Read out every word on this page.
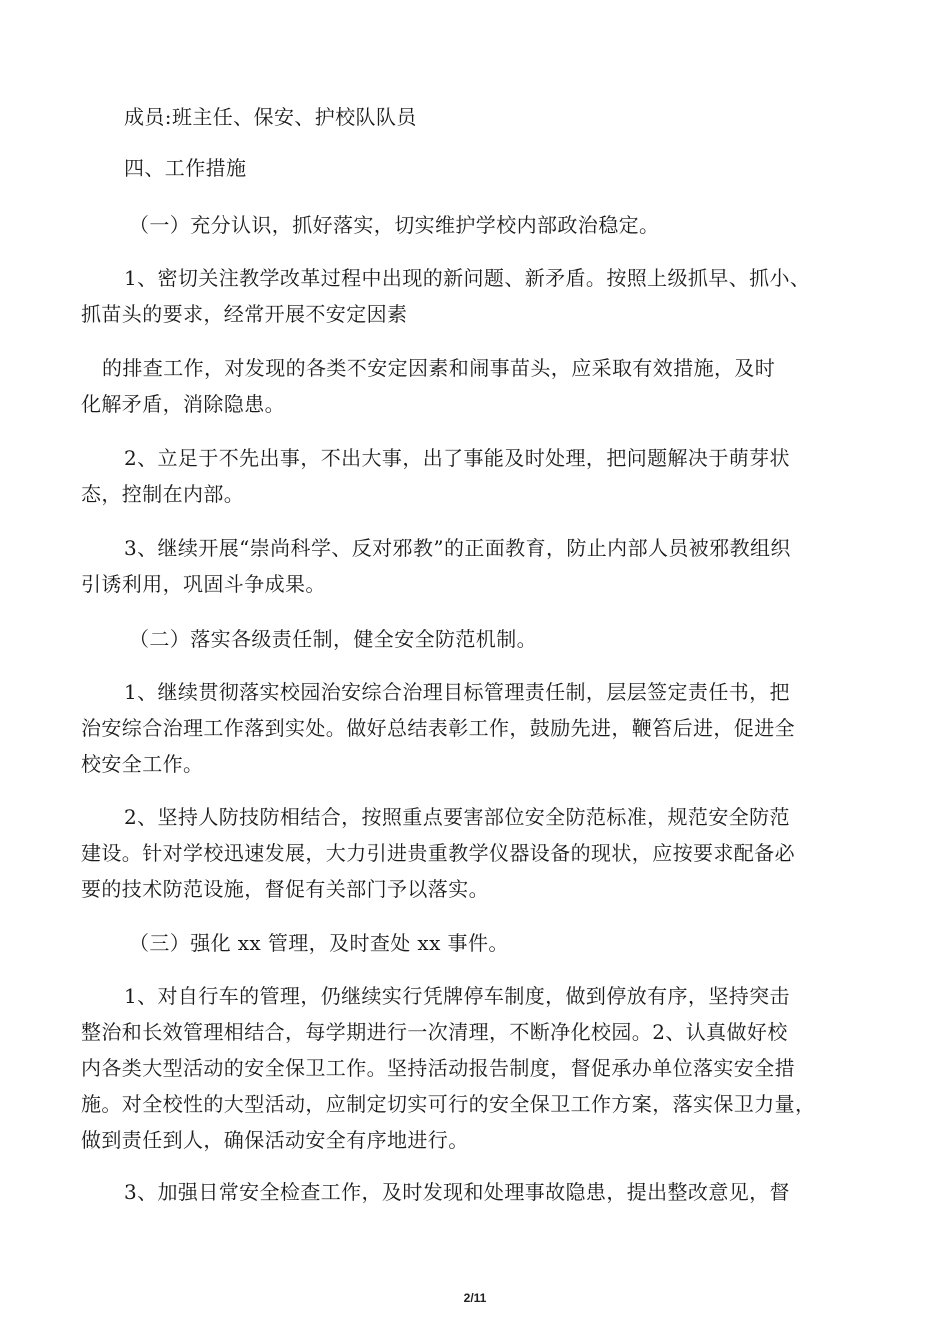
成员:班主任、保安、护校队队员
四、工作措施
（一）充分认识，抓好落实，切实维护学校内部政治稳定。
1、密切关注教学改革过程中出现的新问题、新矛盾。按照上级抓早、抓小、
抓苗头的要求，经常开展不安定因素
的排查工作，对发现的各类不安定因素和闹事苗头，应采取有效措施，及时
化解矛盾，消除隐患。
2、立足于不先出事，不出大事，出了事能及时处理，把问题解决于萌芽状
态，控制在内部。
3、继续开展“崇尚科学、反对邪教”的正面教育，防止内部人员被邪教组织
引诱利用，巩固斗争成果。
（二）落实各级责任制，健全安全防范机制。
1、继续贯彻落实校园治安综合治理目标管理责任制，层层签定责任书，把
治安综合治理工作落到实处。做好总结表彰工作，鼓励先进，鞭笞后进，促进全
校安全工作。
2、坚持人防技防相结合，按照重点要害部位安全防范标准，规范安全防范
建设。针对学校迅速发展，大力引进贵重教学仪器设备的现状，应按要求配备必
要的技术防范设施，督促有关部门予以落实。
（三）强化 xx 管理，及时查处 xx 事件。
1、对自行车的管理，仍继续实行凭牌停车制度，做到停放有序，坚持突击
整治和长效管理相结合，每学期进行一次清理，不断净化校园。2、认真做好校
内各类大型活动的安全保卫工作。坚持活动报告制度，督促承办单位落实安全措
施。对全校性的大型活动，应制定切实可行的安全保卫工作方案，落实保卫力量，
做到责任到人，确保活动安全有序地进行。
3、加强日常安全检查工作，及时发现和处理事故隐患，提出整改意见，督
2/11
